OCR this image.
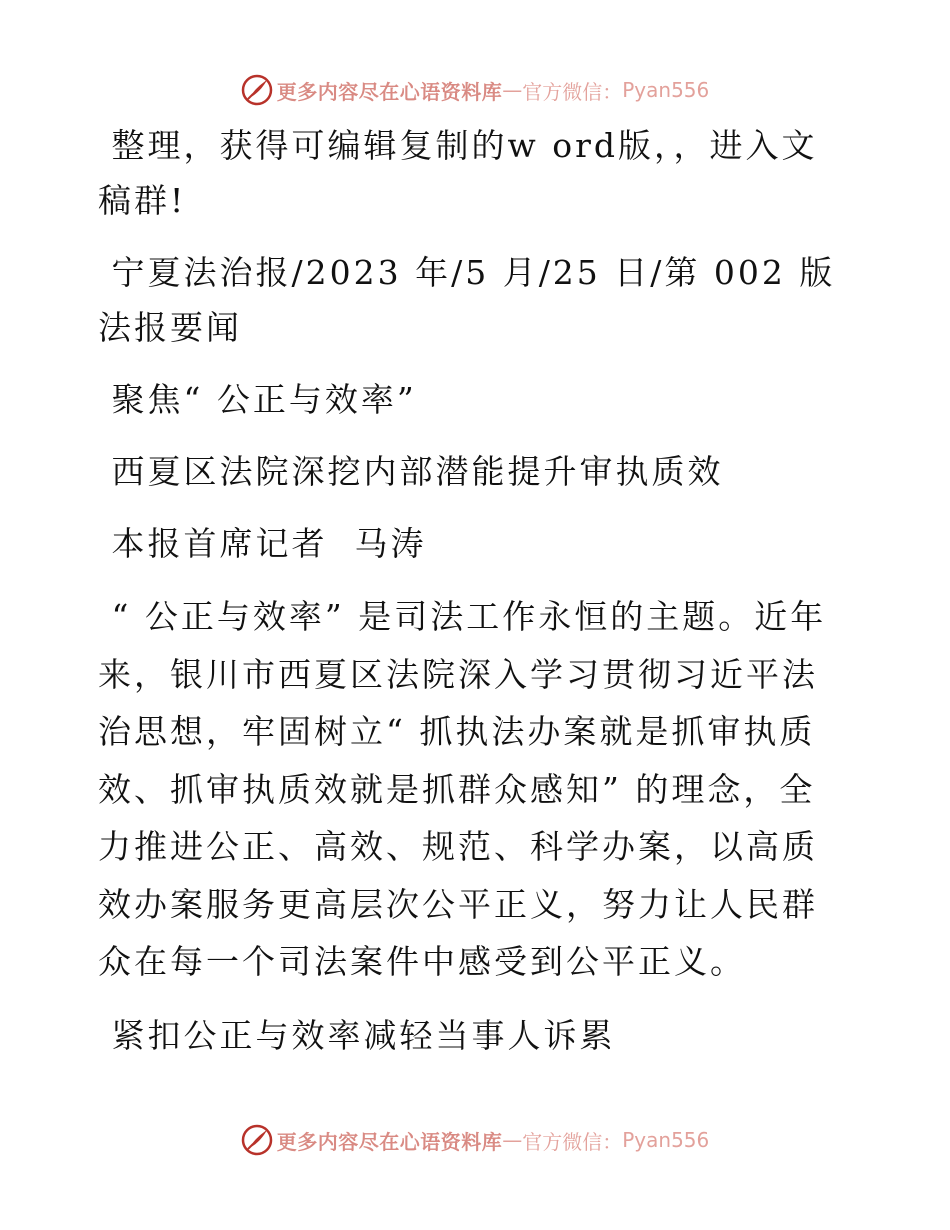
更多内容尽在心语资料库 — 官方微信： Pyan556

整理，获得可编辑复制的w ord版，，进入文稿群!

宁夏法治报/2023 年/5 月/25 日/第 002 版法报要闻

聚焦“ 公正与效率”

西夏区法院深挖内部潜能提升审执质效

本报首席记者  马涛

“ 公正与效率” 是司法工作永恒的主题。近年来，银川市西夏区法院深入学习贯彻习近平法治思想，牢固树立“ 抓执法办案就是抓审执质效、抓审执质效就是抓群众感知” 的理念，全力推进公正、高效、规范、科学办案，以高质效办案服务更高层次公平正义，努力让人民群众在每一个司法案件中感受到公平正义。

紧扣公正与效率减轻当事人诉累

更多内容尽在心语资料库 — 官方微信： Pyan556
